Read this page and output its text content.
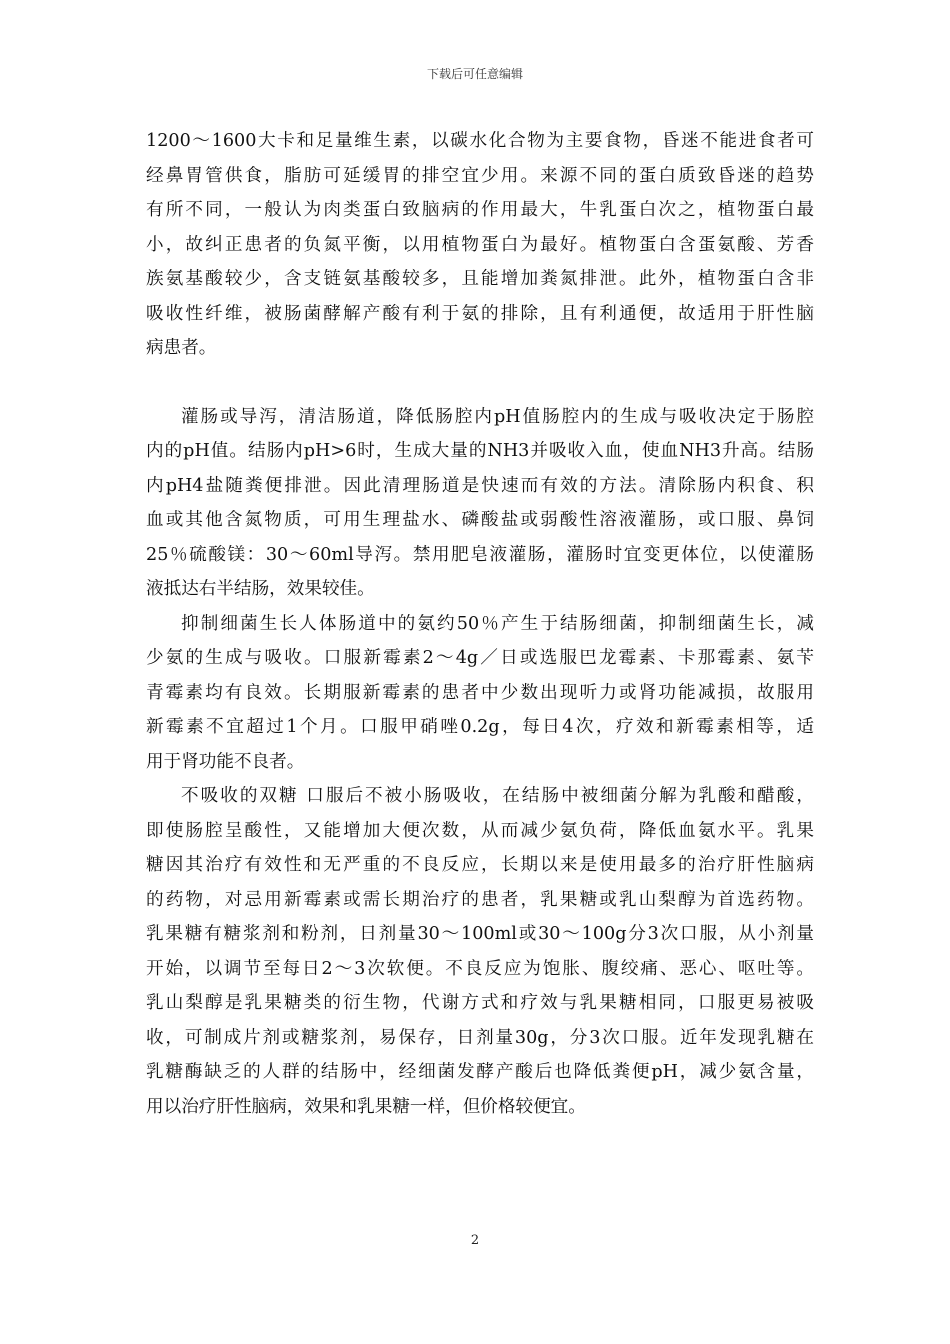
下载后可任意编辑
1200～1600大卡和足量维生素，以碳水化合物为主要食物，昏迷不能进食者可
经鼻胃管供食，脂肪可延缓胃的排空宜少用。来源不同的蛋白质致昏迷的趋势
有所不同，一般认为肉类蛋白致脑病的作用最大，牛乳蛋白次之，植物蛋白最
小，故纠正患者的负氮平衡，以用植物蛋白为最好。植物蛋白含蛋氨酸、芳香
族氨基酸较少，含支链氨基酸较多，且能增加粪氮排泄。此外，植物蛋白含非
吸收性纤维，被肠菌酵解产酸有利于氨的排除，且有利通便，故适用于肝性脑
病患者。
灌肠或导泻，清洁肠道，降低肠腔内pH值肠腔内的生成与吸收决定于肠腔
内的pH值。结肠内pH>6时，生成大量的NH3并吸收入血，使血NH3升高。结肠
内pH4盐随粪便排泄。因此清理肠道是快速而有效的方法。清除肠内积食、积
血或其他含氮物质，可用生理盐水、磷酸盐或弱酸性溶液灌肠，或口服、鼻饲
25％硫酸镁：30～60ml导泻。禁用肥皂液灌肠，灌肠时宜变更体位，以使灌肠
液抵达右半结肠，效果较佳。
抑制细菌生长人体肠道中的氨约50％产生于结肠细菌，抑制细菌生长，减
少氨的生成与吸收。口服新霉素2～4g／日或选服巴龙霉素、卡那霉素、氨苄
青霉素均有良效。长期服新霉素的患者中少数出现听力或肾功能减损，故服用
新霉素不宜超过1个月。口服甲硝唑0.2g，每日4次，疗效和新霉素相等，适
用于肾功能不良者。
不吸收的双糖 口服后不被小肠吸收，在结肠中被细菌分解为乳酸和醋酸，
即使肠腔呈酸性，又能增加大便次数，从而减少氨负荷，降低血氨水平。乳果
糖因其治疗有效性和无严重的不良反应，长期以来是使用最多的治疗肝性脑病
的药物，对忌用新霉素或需长期治疗的患者，乳果糖或乳山梨醇为首选药物。
乳果糖有糖浆剂和粉剂，日剂量30～100ml或30～100g分3次口服，从小剂量
开始，以调节至每日2～3次软便。不良反应为饱胀、腹绞痛、恶心、呕吐等。
乳山梨醇是乳果糖类的衍生物，代谢方式和疗效与乳果糖相同，口服更易被吸
收，可制成片剂或糖浆剂，易保存，日剂量30g，分3次口服。近年发现乳糖在
乳糖酶缺乏的人群的结肠中，经细菌发酵产酸后也降低粪便pH，减少氨含量，
用以治疗肝性脑病，效果和乳果糖一样，但价格较便宜。
2
